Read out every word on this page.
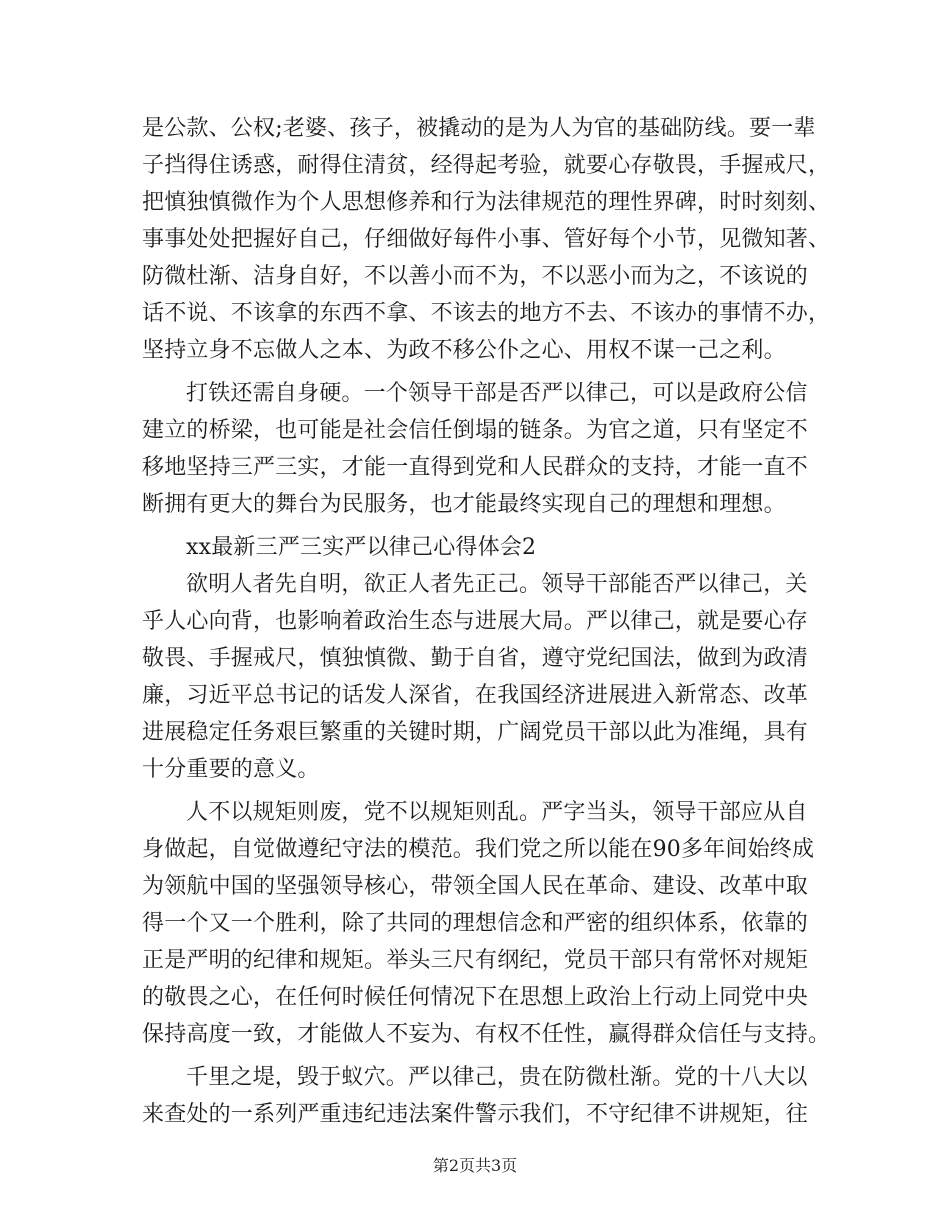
是公款、公权;老婆、孩子，被撬动的是为人为官的基础防线。要一辈
子挡得住诱惑，耐得住清贫，经得起考验，就要心存敬畏，手握戒尺，
把慎独慎微作为个人思想修养和行为法律规范的理性界碑，时时刻刻、
事事处处把握好自己，仔细做好每件小事、管好每个小节，见微知著、
防微杜渐、洁身自好，不以善小而不为，不以恶小而为之，不该说的
话不说、不该拿的东西不拿、不该去的地方不去、不该办的事情不办，
坚持立身不忘做人之本、为政不移公仆之心、用权不谋一己之利。
打铁还需自身硬。一个领导干部是否严以律己，可以是政府公信
建立的桥梁，也可能是社会信任倒塌的链条。为官之道，只有坚定不
移地坚持三严三实，才能一直得到党和人民群众的支持，才能一直不
断拥有更大的舞台为民服务，也才能最终实现自己的理想和理想。
xx最新三严三实严以律己心得体会2
欲明人者先自明，欲正人者先正己。领导干部能否严以律己，关
乎人心向背，也影响着政治生态与进展大局。严以律己，就是要心存
敬畏、手握戒尺，慎独慎微、勤于自省，遵守党纪国法，做到为政清
廉，习近平总书记的话发人深省，在我国经济进展进入新常态、改革
进展稳定任务艰巨繁重的关键时期，广阔党员干部以此为准绳，具有
十分重要的意义。
人不以规矩则废，党不以规矩则乱。严字当头，领导干部应从自
身做起，自觉做遵纪守法的模范。我们党之所以能在90多年间始终成
为领航中国的坚强领导核心，带领全国人民在革命、建设、改革中取
得一个又一个胜利，除了共同的理想信念和严密的组织体系，依靠的
正是严明的纪律和规矩。举头三尺有纲纪，党员干部只有常怀对规矩
的敬畏之心，在任何时候任何情况下在思想上政治上行动上同党中央
保持高度一致，才能做人不妄为、有权不任性，赢得群众信任与支持。
千里之堤，毁于蚁穴。严以律己，贵在防微杜渐。党的十八大以
来查处的一系列严重违纪违法案件警示我们，不守纪律不讲规矩，往
第2页共3页
